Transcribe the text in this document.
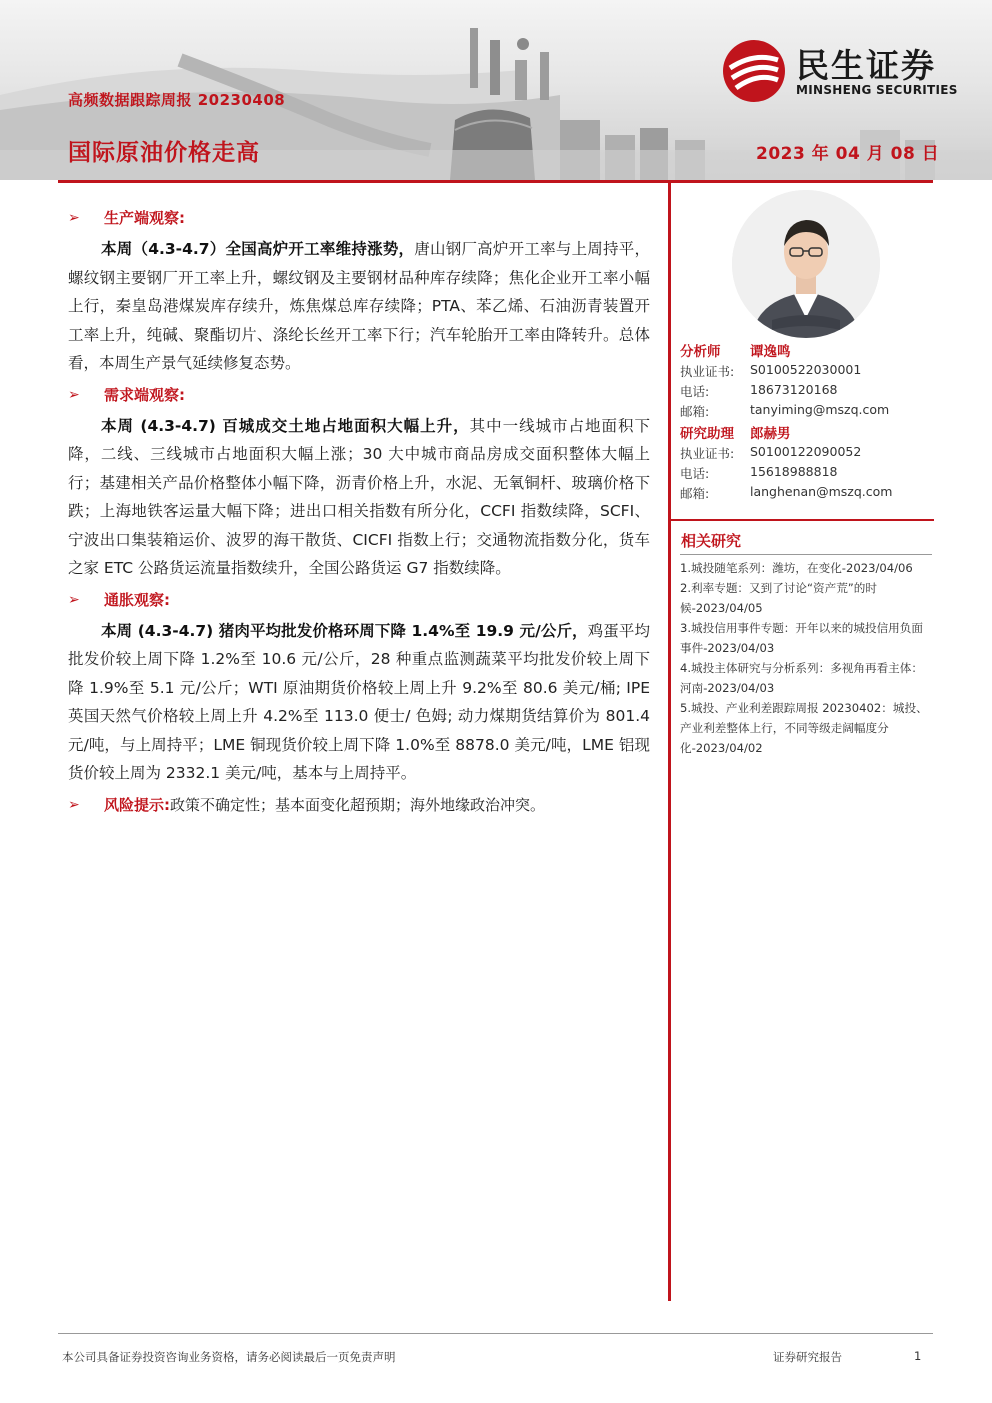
高频数据跟踪周报 20230408
国际原油价格走高	2023 年 04 月 08 日
民生证券
MINSHENG SECURITIES
➢ 生产端观察:
本周（4.3-4.7）全国高炉开工率维持涨势，唐山钢厂高炉开工率与上周持平，螺纹钢主要钢厂开工率上升，螺纹钢及主要钢材品种库存续降；焦化企业开工率小幅上行，秦皇岛港煤炭库存续升，炼焦煤总库存续降；PTA、苯乙烯、石油沥青装置开工率上升，纯碱、聚酯切片、涤纶长丝开工率下行；汽车轮胎开工率由降转升。总体看，本周生产景气延续修复态势。
➢ 需求端观察:
本周 (4.3-4.7) 百城成交土地占地面积大幅上升，其中一线城市占地面积下降，二线、三线城市占地面积大幅上涨；30 大中城市商品房成交面积整体大幅上行；基建相关产品价格整体小幅下降，沥青价格上升，水泥、无氧铜杆、玻璃价格下跌；上海地铁客运量大幅下降；进出口相关指数有所分化，CCFI 指数续降，SCFI、宁波出口集装箱运价、波罗的海干散货、CICFI 指数上行；交通物流指数分化，货车之家 ETC 公路货运流量指数续升，全国公路货运 G7 指数续降。
➢ 通胀观察:
本周 (4.3-4.7) 猪肉平均批发价格环周下降 1.4%至 19.9 元/公斤，鸡蛋平均批发价较上周下降 1.2%至 10.6 元/公斤，28 种重点监测蔬菜平均批发价较上周下降 1.9%至 5.1 元/公斤；WTI 原油期货价格较上周上升 9.2%至 80.6 美元/桶; IPE 英国天然气价格较上周上升 4.2%至 113.0 便士/ 色姆; 动力煤期货结算价为 801.4 元/吨，与上周持平；LME 铜现货价较上周下降 1.0%至 8878.0 美元/吨，LME 铝现货价较上周为 2332.1 美元/吨，基本与上周持平。
➢ 风险提示:政策不确定性；基本面变化超预期；海外地缘政治冲突。
分析师 谭逸鸣
执业证书: S0100522030001
电话:	18673120168
邮箱:	tanyiming@mszq.com
研究助理 郎赫男
执业证书: S0100122090052
电话:	15618988818
邮箱:	langhenan@mszq.com
相关研究
1.城投随笔系列：潍坊，在变化-2023/04/06
2.利率专题：又到了讨论“资产荒”的时候-2023/04/05
3.城投信用事件专题：开年以来的城投信用负面事件-2023/04/03
4.城投主体研究与分析系列：多视角再看主体：河南-2023/04/03
5.城投、产业利差跟踪周报 20230402：城投、产业利差整体上行，不同等级走阔幅度分化-2023/04/02
本公司具备证券投资咨询业务资格，请务必阅读最后一页免责声明	证券研究报告	1
